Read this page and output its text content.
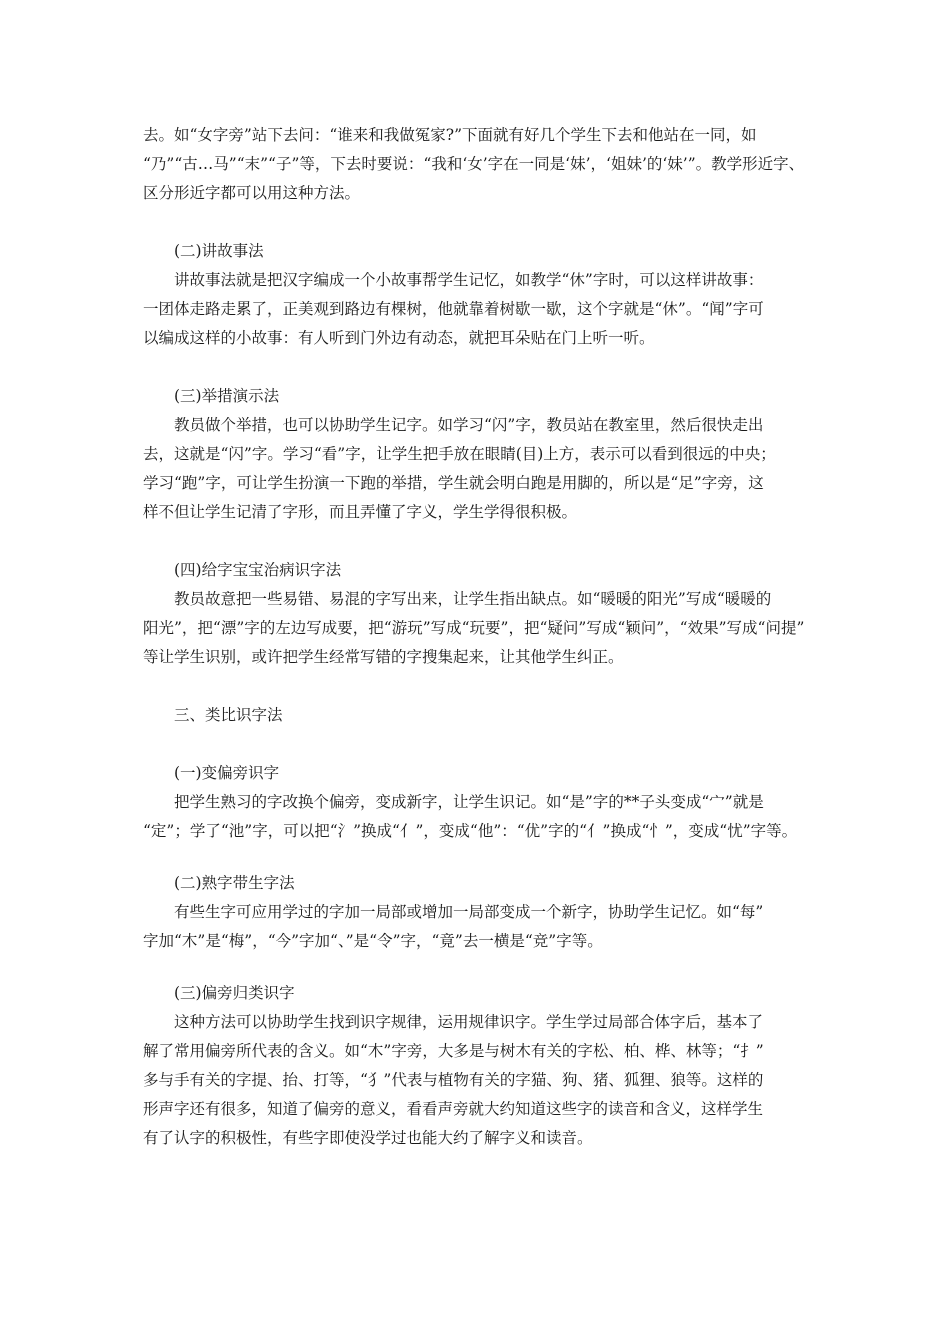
去。如“女字旁”站下去问：“谁来和我做冤家?”下面就有好几个学生下去和他站在一同，如

“乃”“古…马”“末”“子”等，下去时要说：“我和‘女’字在一同是‘妹’，‘姐妹’的‘妹’”。教学形近字、

区分形近字都可以用这种方法。

(二)讲故事法

讲故事法就是把汉字编成一个小故事帮学生记忆，如教学“休”字时，可以这样讲故事：

一团体走路走累了，正美观到路边有棵树，他就靠着树歇一歇，这个字就是“休”。“闻”字可

以编成这样的小故事：有人听到门外边有动态，就把耳朵贴在门上听一听。

(三)举措演示法

教员做个举措，也可以协助学生记字。如学习“闪”字，教员站在教室里，然后很快走出

去，这就是“闪”字。学习“看”字，让学生把手放在眼睛(目)上方，表示可以看到很远的中央；

学习“跑”字，可让学生扮演一下跑的举措，学生就会明白跑是用脚的，所以是“足”字旁，这

样不但让学生记清了字形，而且弄懂了字义，学生学得很积极。

(四)给字宝宝治病识字法

教员故意把一些易错、易混的字写出来，让学生指出缺点。如“暖暖的阳光”写成“暖暖的

阳光”，把“漂”字的左边写成要，把“游玩”写成“玩要”，把“疑问”写成“颖问”，“效果”写成“问提”

等让学生识别，或许把学生经常写错的字搜集起来，让其他学生纠正。

三、类比识字法

(一)变偏旁识字

把学生熟习的字改换个偏旁，变成新字，让学生识记。如“是”字的**子头变成“宀”就是

“定”；学了“池”字，可以把“氵”换成“亻”，变成“他”：“优”字的“亻”换成“忄”，变成“忧”字等。

(二)熟字带生字法

有些生字可应用学过的字加一局部或增加一局部变成一个新字，协助学生记忆。如“每”

字加“木”是“梅”，“今”字加“、”是“令”字，“竟”去一横是“竞”字等。

(三)偏旁归类识字

这种方法可以协助学生找到识字规律，运用规律识字。学生学过局部合体字后，基本了

解了常用偏旁所代表的含义。如“木”字旁，大多是与树木有关的字松、柏、桦、林等；“扌”

多与手有关的字提、抬、打等，“犭”代表与植物有关的字猫、狗、猪、狐狸、狼等。这样的

形声字还有很多，知道了偏旁的意义，看看声旁就大约知道这些字的读音和含义，这样学生

有了认字的积极性，有些字即使没学过也能大约了解字义和读音。
